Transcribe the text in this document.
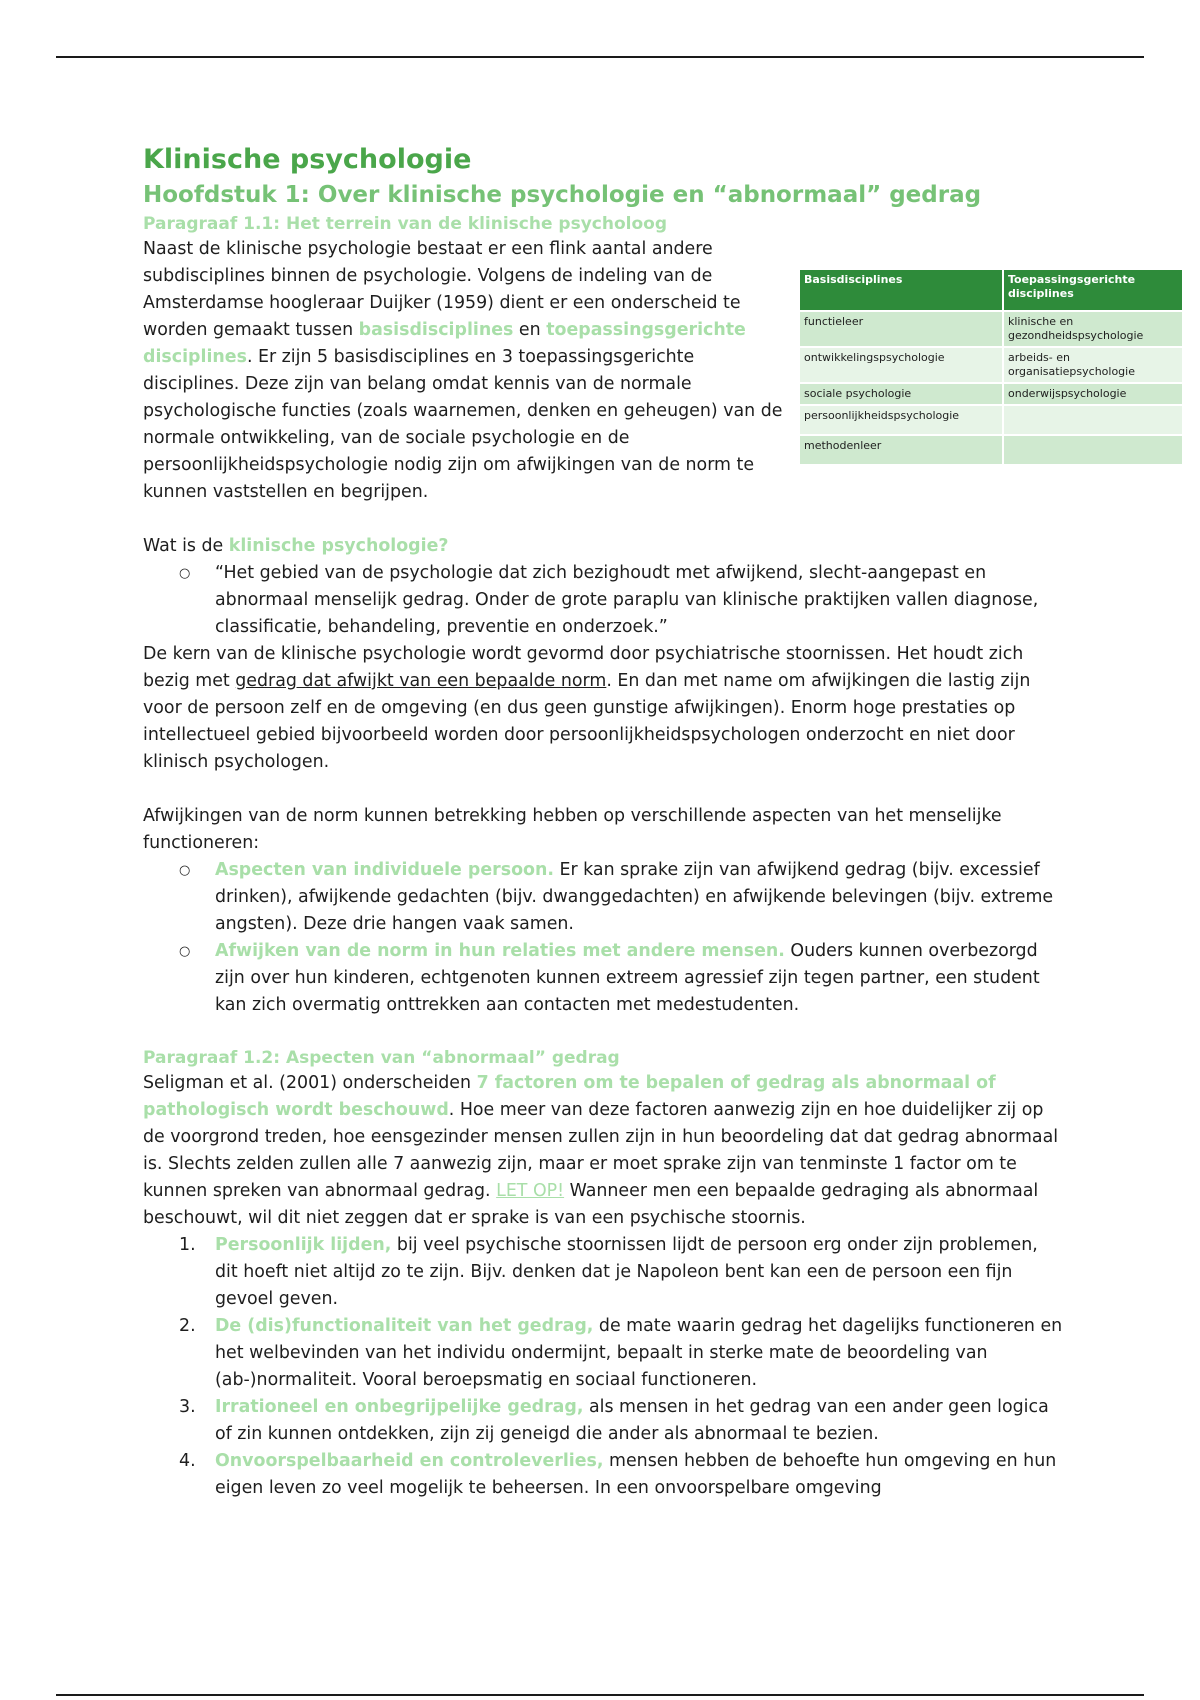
Basisdisciplines	Toepassingsgerichte disciplines
functieleer	klinische en gezondheidspsychologie
ontwikkelingspsychologie	arbeids- en organisatiepsychologie
sociale psychologie	onderwijspsychologie
persoonlijkheidspsychologie	
methodenleer	
Klinische psychologie
Hoofdstuk 1: Over klinische psychologie en “abnormaal” gedrag
Paragraaf 1.1: Het terrein van de klinische psycholoog

Naast de klinische psychologie bestaat er een flink aantal andere subdisciplines binnen de psychologie. Volgens de indeling van de Amsterdamse hoogleraar Duijker (1959) dient er een onderscheid te worden gemaakt tussen basisdisciplines en toepassingsgerichte disciplines. Er zijn 5 basisdisciplines en 3 toepassingsgerichte disciplines. Deze zijn van belang omdat kennis van de normale psychologische functies (zoals waarnemen, denken en geheugen) van de normale ontwikkeling, van de sociale psychologie en de persoonlijkheidspsychologie nodig zijn om afwijkingen van de norm te kunnen vaststellen en begrijpen.

Wat is de klinische psychologie?

○ “Het gebied van de psychologie dat zich bezighoudt met afwijkend, slecht-aangepast en abnormaal menselijk gedrag. Onder de grote paraplu van klinische praktijken vallen diagnose, classificatie, behandeling, preventie en onderzoek.”

De kern van de klinische psychologie wordt gevormd door psychiatrische stoornissen. Het houdt zich bezig met gedrag dat afwijkt van een bepaalde norm. En dan met name om afwijkingen die lastig zijn voor de persoon zelf en de omgeving (en dus geen gunstige afwijkingen). Enorm hoge prestaties op intellectueel gebied bijvoorbeeld worden door persoonlijkheidspsychologen onderzocht en niet door klinisch psychologen.

Afwijkingen van de norm kunnen betrekking hebben op verschillende aspecten van het menselijke functioneren:

○ Aspecten van individuele persoon. Er kan sprake zijn van afwijkend gedrag (bijv. excessief drinken), afwijkende gedachten (bijv. dwanggedachten) en afwijkende belevingen (bijv. extreme angsten). Deze drie hangen vaak samen.
○ Afwijken van de norm in hun relaties met andere mensen. Ouders kunnen overbezorgd zijn over hun kinderen, echtgenoten kunnen extreem agressief zijn tegen partner, een student kan zich overmatig onttrekken aan contacten met medestudenten.
Paragraaf 1.2: Aspecten van “abnormaal” gedrag

Seligman et al. (2001) onderscheiden 7 factoren om te bepalen of gedrag als abnormaal of pathologisch wordt beschouwd. Hoe meer van deze factoren aanwezig zijn en hoe duidelijker zij op de voorgrond treden, hoe eensgezinder mensen zullen zijn in hun beoordeling dat dat gedrag abnormaal is. Slechts zelden zullen alle 7 aanwezig zijn, maar er moet sprake zijn van tenminste 1 factor om te kunnen spreken van abnormaal gedrag. LET OP! Wanneer men een bepaalde gedraging als abnormaal beschouwt, wil dit niet zeggen dat er sprake is van een psychische stoornis.

Persoonlijk lijden, bij veel psychische stoornissen lijdt de persoon erg onder zijn problemen, dit hoeft niet altijd zo te zijn. Bijv. denken dat je Napoleon bent kan een de persoon een fijn gevoel geven.
De (dis)functionaliteit van het gedrag, de mate waarin gedrag het dagelijks functioneren en het welbevinden van het individu ondermijnt, bepaalt in sterke mate de beoordeling van (ab-)normaliteit. Vooral beroepsmatig en sociaal functioneren.
Irrationeel en onbegrijpelijke gedrag, als mensen in het gedrag van een ander geen logica of zin kunnen ontdekken, zijn zij geneigd die ander als abnormaal te bezien.
Onvoorspelbaarheid en controleverlies, mensen hebben de behoefte hun omgeving en hun eigen leven zo veel mogelijk te beheersen. In een onvoorspelbare omgeving
